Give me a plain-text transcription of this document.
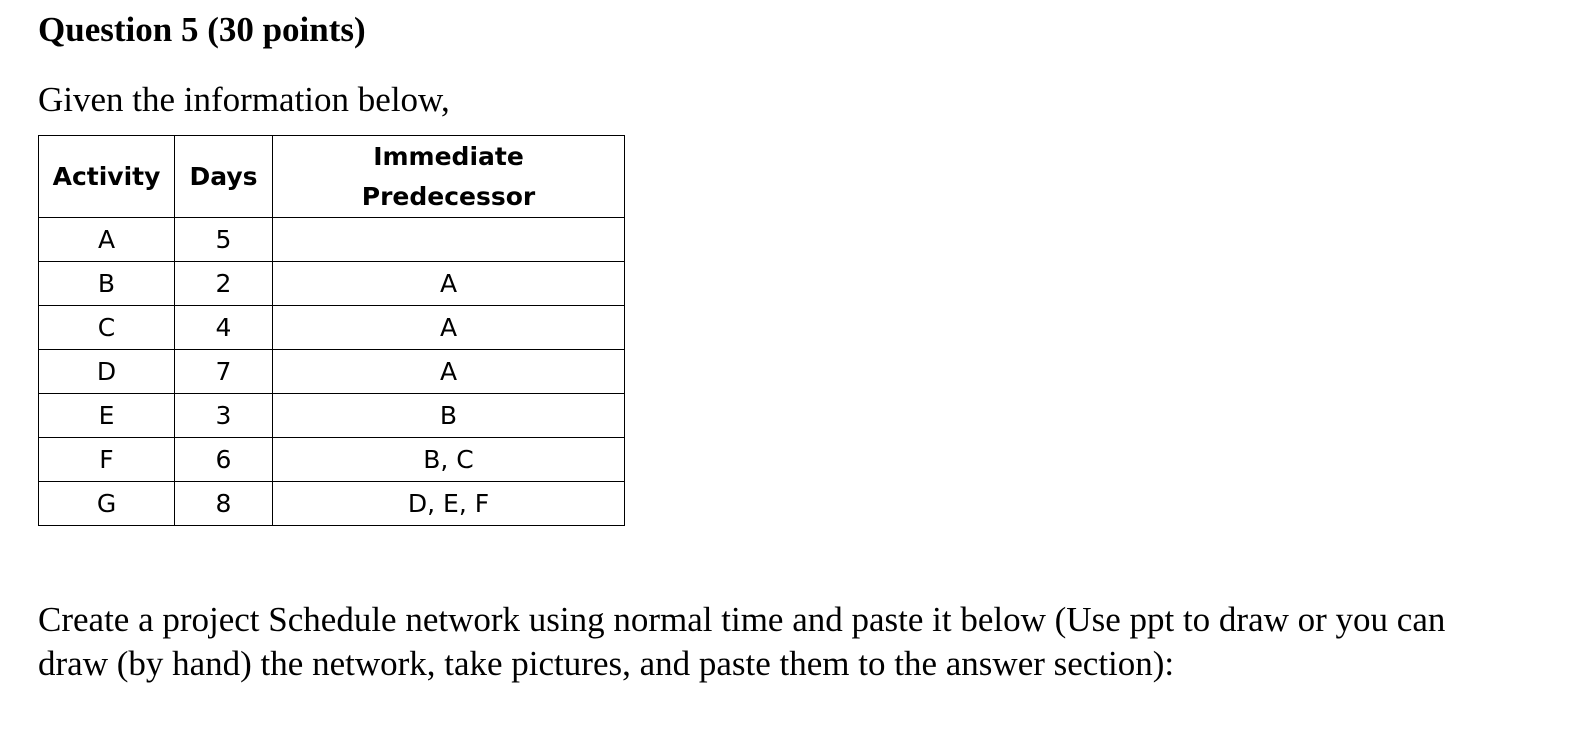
Question 5 (30 points)

Given the information below,

Activity	Days	Immediate
Predecessor
A	5	
B	2	A
C	4	A
D	7	A
E	3	B
F	6	B, C
G	8	D, E, F

Create a project Schedule network using normal time and paste it below (Use ppt to draw or you can draw (by hand) the network, take pictures, and paste them to the answer section):
